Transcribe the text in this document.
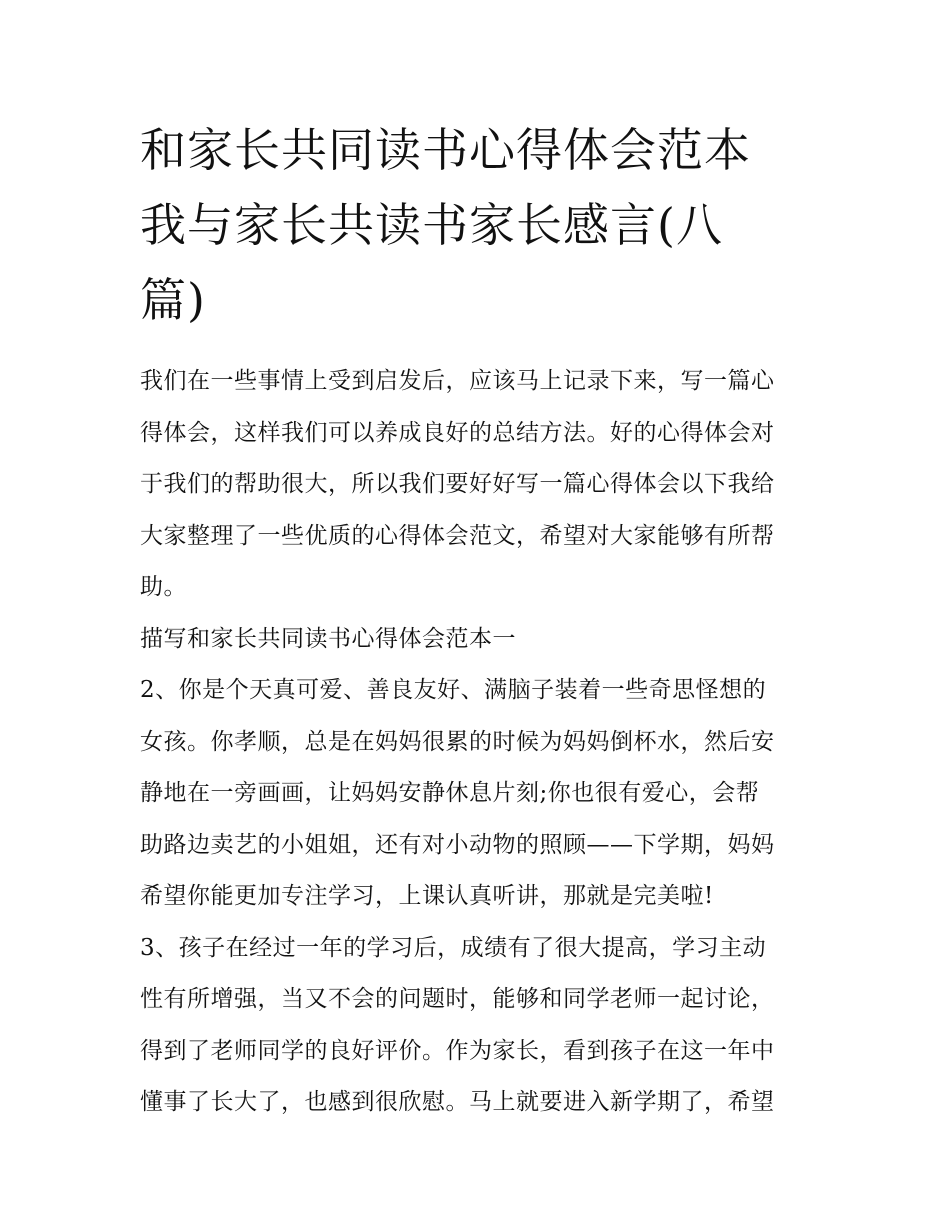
和家长共同读书心得体会范本
我与家长共读书家长感言(八
篇)
我们在一些事情上受到启发后，应该马上记录下来，写一篇心
得体会，这样我们可以养成良好的总结方法。好的心得体会对
于我们的帮助很大，所以我们要好好写一篇心得体会以下我给
大家整理了一些优质的心得体会范文，希望对大家能够有所帮
助。
描写和家长共同读书心得体会范本一
2、你是个天真可爱、善良友好、满脑子装着一些奇思怪想的
女孩。你孝顺，总是在妈妈很累的时候为妈妈倒杯水，然后安
静地在一旁画画，让妈妈安静休息片刻;你也很有爱心，会帮
助路边卖艺的小姐姐，还有对小动物的照顾——下学期，妈妈
希望你能更加专注学习，上课认真听讲，那就是完美啦!
3、孩子在经过一年的学习后，成绩有了很大提高，学习主动
性有所增强，当又不会的问题时，能够和同学老师一起讨论，
得到了老师同学的良好评价。作为家长，看到孩子在这一年中
懂事了长大了，也感到很欣慰。马上就要进入新学期了，希望
